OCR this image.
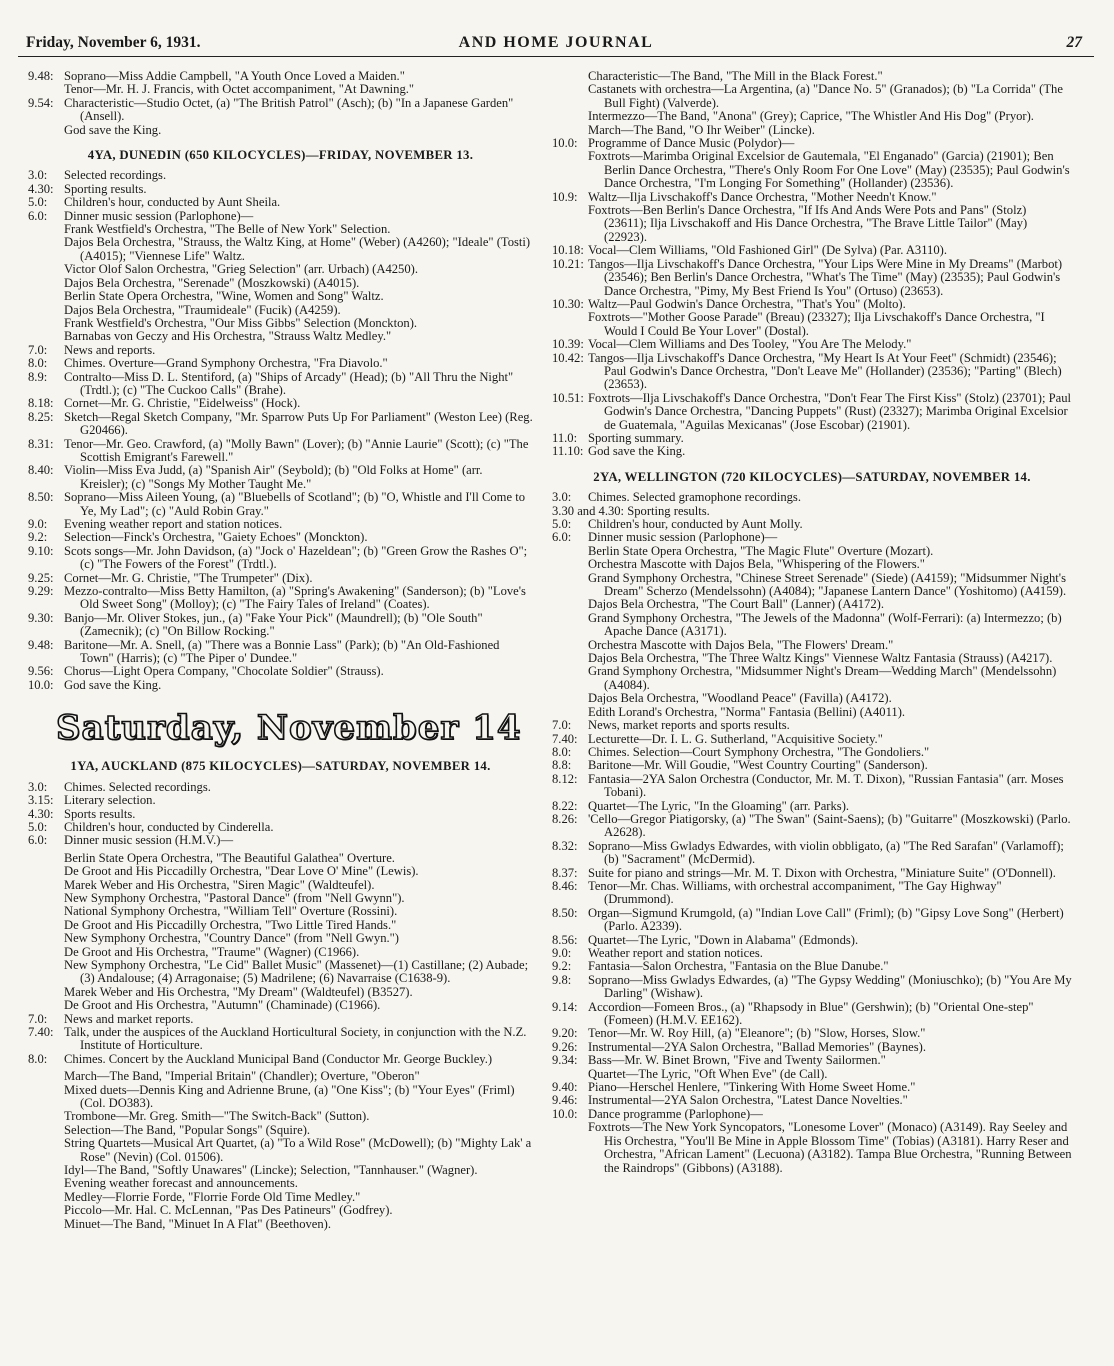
Friday, November 6, 1931.	AND HOME JOURNAL	27
9.48: Soprano—Miss Addie Campbell, "A Youth Once Loved a Maiden."
Tenor—Mr. H. J. Francis, with Octet accompaniment, "At Dawning."
9.54: Characteristic—Studio Octet, (a) "The British Patrol" (Asch); (b) "In a Japanese Garden" (Ansell).
God save the King.
4YA, DUNEDIN (650 KILOCYCLES)—FRIDAY, NOVEMBER 13.
3.0:	Selected recordings.
4.30: Sporting results.
5.0:	Children's hour, conducted by Aunt Sheila.
6.0:	Dinner music session (Parlophone)—
Frank Westfield's Orchestra, "The Belle of New York" Selection.
Dajos Bela Orchestra, "Strauss, the Waltz King, at Home" (Weber) (A4260); "Ideale" (Tosti) (A4015); "Viennese Life" Waltz.
Victor Olof Salon Orchestra, "Grieg Selection" (arr. Urbach) (A4250).
Dajos Bela Orchestra, "Serenade" (Moszkowski) (A4015).
Berlin State Opera Orchestra, "Wine, Women and Song" Waltz.
Dajos Bela Orchestra, "Traumideale" (Fucik) (A4259).
Frank Westfield's Orchestra, "Our Miss Gibbs" Selection (Monckton).
Barnabas von Geczy and His Orchestra, "Strauss Waltz Medley."
7.0:	News and reports.
8.0:	Chimes. Overture—Grand Symphony Orchestra, "Fra Diavolo."
8.9:	Contralto—Miss D. L. Stentiford, (a) "Ships of Arcady" (Head); (b) "All Thru the Night" (Trdtl.); (c) "The Cuckoo Calls" (Brahe).
8.18: Cornet—Mr. G. Christie, "Eidelweiss" (Hock).
8.25: Sketch—Regal Sketch Company, "Mr. Sparrow Puts Up For Parliament" (Weston Lee) (Reg. G20466).
8.31: Tenor—Mr. Geo. Crawford, (a) "Molly Bawn" (Lover); (b) "Annie Laurie" (Scott); (c) "The Scottish Emigrant's Farewell."
8.40: Violin—Miss Eva Judd, (a) "Spanish Air" (Seybold); (b) "Old Folks at Home" (arr. Kreisler); (c) "Songs My Mother Taught Me."
8.50: Soprano—Miss Aileen Young, (a) "Bluebells of Scotland"; (b) "O, Whistle and I'll Come to Ye, My Lad"; (c) "Auld Robin Gray."
9.0:	Evening weather report and station notices.
9.2:	Selection—Finck's Orchestra, "Gaiety Echoes" (Monckton).
9.10: Scots songs—Mr. John Davidson, (a) "Jock o' Hazeldean"; (b) "Green Grow the Rashes O"; (c) "The Fowers of the Forest" (Trdtl.).
9.25: Cornet—Mr. G. Christie, "The Trumpeter" (Dix).
9.29: Mezzo-contralto—Miss Betty Hamilton, (a) "Spring's Awakening" (Sanderson); (b) "Love's Old Sweet Song" (Molloy); (c) "The Fairy Tales of Ireland" (Coates).
9.30: Banjo—Mr. Oliver Stokes, jun., (a) "Fake Your Pick" (Maundrell); (b) "Ole South" (Zamecnik); (c) "On Billow Rocking."
9.48: Baritone—Mr. A. Snell, (a) "There was a Bonnie Lass" (Park); (b) "An Old-Fashioned Town" (Harris); (c) "The Piper o' Dundee."
9.56: Chorus—Light Opera Company, "Chocolate Soldier" (Strauss).
10.0: God save the King.
Saturday, November 14
1YA, AUCKLAND (875 KILOCYCLES)—SATURDAY, NOVEMBER 14.
3.0:	Chimes. Selected recordings.
3.15: Literary selection.
4.30: Sports results.
5.0:	Children's hour, conducted by Cinderella.
6.0:	Dinner music session (H.M.V.)—
Berlin State Opera Orchestra, "The Beautiful Galathea" Overture.
De Groot and His Piccadilly Orchestra, "Dear Love O' Mine" (Lewis).
Marek Weber and His Orchestra, "Siren Magic" (Waldteufel).
New Symphony Orchestra, "Pastoral Dance" (from "Nell Gwynn").
National Symphony Orchestra, "William Tell" Overture (Rossini).
De Groot and His Piccadilly Orchestra, "Two Little Tired Hands."
New Symphony Orchestra, "Country Dance" (from "Nell Gwyn.")
De Groot and His Orchestra, "Traume" (Wagner) (C1966).
New Symphony Orchestra, "Le Cid" Ballet Music" (Massenet)—(1) Castillane; (2) Aubade; (3) Andalouse; (4) Arragonaise; (5) Madrilene; (6) Navarraise (C1638-9).
Marek Weber and His Orchestra, "My Dream" (Waldteufel) (B3527).
De Groot and His Orchestra, "Autumn" (Chaminade) (C1966).
7.0:	News and market reports.
7.40: Talk, under the auspices of the Auckland Horticultural Society, in conjunction with the N.Z. Institute of Horticulture.
8.0:	Chimes. Concert by the Auckland Municipal Band (Conductor Mr. George Buckley.)
March—The Band, "Imperial Britain" (Chandler); Overture, "Oberon"
Mixed duets—Dennis King and Adrienne Brune, (a) "One Kiss"; (b) "Your Eyes" (Friml) (Col. DO383).
Trombone—Mr. Greg. Smith—"The Switch-Back" (Sutton).
Selection—The Band, "Popular Songs" (Squire).
String Quartets—Musical Art Quartet, (a) "To a Wild Rose" (McDowell); (b) "Mighty Lak' a Rose" (Nevin) (Col. 01506).
Idyl—The Band, "Softly Unawares" (Lincke); Selection, "Tannhauser." (Wagner).
Evening weather forecast and announcements.
Medley—Florrie Forde, "Florrie Forde Old Time Medley."
Piccolo—Mr. Hal. C. McLennan, "Pas Des Patineurs" (Godfrey).
Minuet—The Band, "Minuet In A Flat" (Beethoven).
Characteristic—The Band, "The Mill in the Black Forest."
Castanets with orchestra—La Argentina, (a) "Dance No. 5" (Granados); (b) "La Corrida" (The Bull Fight) (Valverde).
Intermezzo—The Band, "Anona" (Grey); Caprice, "The Whistler And His Dog" (Pryor).
March—The Band, "O Ihr Weiber" (Lincke).
10.0: Programme of Dance Music (Polydor)—
Foxtrots—Marimba Original Excelsior de Gautemala, "El Enganado" (Garcia) (21901); Ben Berlin Dance Orchestra, "There's Only Room For One Love" (May) (23535); Paul Godwin's Dance Orchestra, "I'm Longing For Something" (Hollander) (23536).
10.9: Waltz—Ilja Livschakoff's Dance Orchestra, "Mother Needn't Know."
Foxtrots—Ben Berlin's Dance Orchestra, "If Ifs And Ands Were Pots and Pans" (Stolz) (23611); Ilja Livschakoff and His Dance Orchestra, "The Brave Little Tailor" (May) (22923).
10.18: Vocal—Clem Williams, "Old Fashioned Girl" (De Sylva) (Par. A3110).
10.21: Tangos—Ilja Livschakoff's Dance Orchestra, "Your Lips Were Mine in My Dreams" (Marbot) (23546); Ben Berlin's Dance Orchestra, "What's The Time" (May) (23535); Paul Godwin's Dance Orchestra, "Pimy, My Best Friend Is You" (Ortuso) (23653).
10.30: Waltz—Paul Godwin's Dance Orchestra, "That's You" (Molto).
Foxtrots—"Mother Goose Parade" (Breau) (23327); Ilja Livschakoff's Dance Orchestra, "I Would I Could Be Your Lover" (Dostal).
10.39: Vocal—Clem Williams and Des Tooley, "You Are The Melody."
10.42: Tangos—Ilja Livschakoff's Dance Orchestra, "My Heart Is At Your Feet" (Schmidt) (23546); Paul Godwin's Dance Orchestra, "Don't Leave Me" (Hollander) (23536); "Parting" (Blech) (23653).
10.51: Foxtrots—Ilja Livschakoff's Dance Orchestra, "Don't Fear The First Kiss" (Stolz) (23701); Paul Godwin's Dance Orchestra, "Dancing Puppets" (Rust) (23327); Marimba Original Excelsior de Guatemala, "Aguilas Mexicanas" (Jose Escobar) (21901).
11.0: Sporting summary.
11.10: God save the King.
2YA, WELLINGTON (720 KILOCYCLES)—SATURDAY, NOVEMBER 14.
3.0:	Chimes. Selected gramophone recordings.
3.30 and 4.30: Sporting results.
5.0:	Children's hour, conducted by Aunt Molly.
6.0:	Dinner music session (Parlophone)—
Berlin State Opera Orchestra, "The Magic Flute" Overture (Mozart).
Orchestra Mascotte with Dajos Bela, "Whispering of the Flowers."
Grand Symphony Orchestra, "Chinese Street Serenade" (Siede) (A4159); "Midsummer Night's Dream" Scherzo (Mendelssohn) (A4084); "Japanese Lantern Dance" (Yoshitomo) (A4159).
Dajos Bela Orchestra, "The Court Ball" (Lanner) (A4172).
Grand Symphony Orchestra, "The Jewels of the Madonna" (Wolf-Ferrari): (a) Intermezzo; (b) Apache Dance (A3171).
Orchestra Mascotte with Dajos Bela, "The Flowers' Dream."
Dajos Bela Orchestra, "The Three Waltz Kings" Viennese Waltz Fantasia (Strauss) (A4217).
Grand Symphony Orchestra, "Midsummer Night's Dream—Wedding March" (Mendelssohn) (A4084).
Dajos Bela Orchestra, "Woodland Peace" (Favilla) (A4172).
Edith Lorand's Orchestra, "Norma" Fantasia (Bellini) (A4011).
7.0:	News, market reports and sports results.
7.40: Lecturette—Dr. I. L. G. Sutherland, "Acquisitive Society."
8.0:	Chimes. Selection—Court Symphony Orchestra, "The Gondoliers."
8.8:	Baritone—Mr. Will Goudie, "West Country Courting" (Sanderson).
8.12: Fantasia—2YA Salon Orchestra (Conductor, Mr. M. T. Dixon), "Russian Fantasia" (arr. Moses Tobani).
8.22: Quartet—The Lyric, "In the Gloaming" (arr. Parks).
8.26: 'Cello—Gregor Piatigorsky, (a) "The Swan" (Saint-Saens); (b) "Guitarre" (Moszkowski) (Parlo. A2628).
8.32: Soprano—Miss Gwladys Edwardes, with violin obbligato, (a) "The Red Sarafan" (Varlamoff); (b) "Sacrament" (McDermid).
8.37: Suite for piano and strings—Mr. M. T. Dixon with Orchestra, "Miniature Suite" (O'Donnell).
8.46: Tenor—Mr. Chas. Williams, with orchestral accompaniment, "The Gay Highway" (Drummond).
8.50: Organ—Sigmund Krumgold, (a) "Indian Love Call" (Friml); (b) "Gipsy Love Song" (Herbert) (Parlo. A2339).
8.56: Quartet—The Lyric, "Down in Alabama" (Edmonds).
9.0:	Weather report and station notices.
9.2:	Fantasia—Salon Orchestra, "Fantasia on the Blue Danube."
9.8:	Soprano—Miss Gwladys Edwardes, (a) "The Gypsy Wedding" (Moniuschko); (b) "You Are My Darling" (Wishaw).
9.14: Accordion—Fomeen Bros., (a) "Rhapsody in Blue" (Gershwin); (b) "Oriental One-step" (Fomeen) (H.M.V. EE162).
9.20: Tenor—Mr. W. Roy Hill, (a) "Eleanore"; (b) "Slow, Horses, Slow."
9.26: Instrumental—2YA Salon Orchestra, "Ballad Memories" (Baynes).
9.34: Bass—Mr. W. Binet Brown, "Five and Twenty Sailormen."
Quartet—The Lyric, "Oft When Eve" (de Call).
9.40: Piano—Herschel Henlere, "Tinkering With Home Sweet Home."
9.46: Instrumental—2YA Salon Orchestra, "Latest Dance Novelties."
10.0: Dance programme (Parlophone)—
Foxtrots—The New York Syncopators, "Lonesome Lover" (Monaco) (A3149). Ray Seeley and His Orchestra, "You'll Be Mine in Apple Blossom Time" (Tobias) (A3181). Harry Reser and Orchestra, "African Lament" (Lecuona) (A3182). Tampa Blue Orchestra, "Running Between the Raindrops" (Gibbons) (A3188).
